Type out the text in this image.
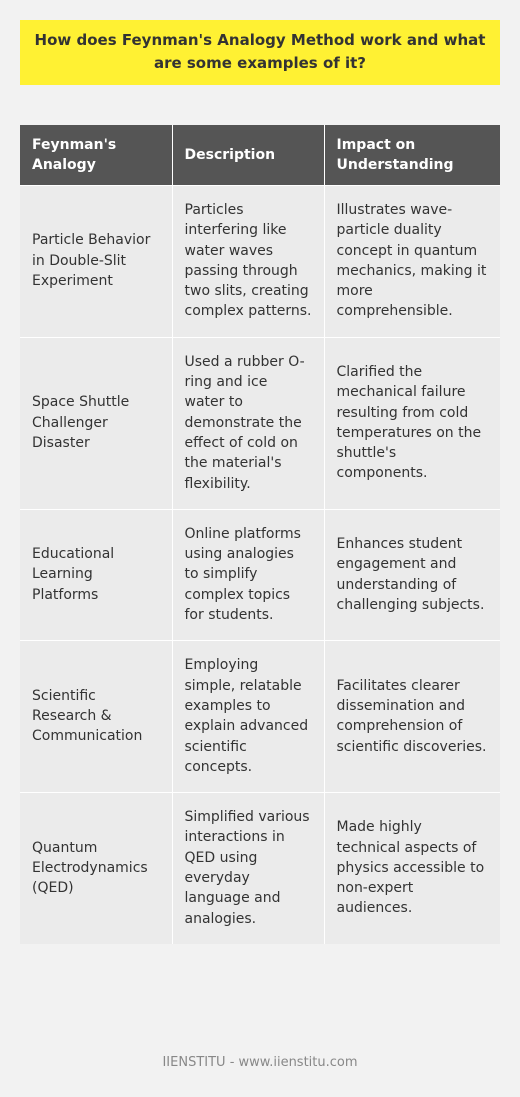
How does Feynman's Analogy Method work and what are some examples of it?
Feynman's Analogy	Description	Impact on Understanding
Particle Behavior in Double-Slit Experiment	Particles interfering like water waves passing through two slits, creating complex patterns.	Illustrates wave-particle duality concept in quantum mechanics, making it more comprehensible.
Space Shuttle Challenger Disaster	Used a rubber O-ring and ice water to demonstrate the effect of cold on the material's flexibility.	Clarified the mechanical failure resulting from cold temperatures on the shuttle's components.
Educational Learning Platforms	Online platforms using analogies to simplify complex topics for students.	Enhances student engagement and understanding of challenging subjects.
Scientific Research & Communication	Employing simple, relatable examples to explain advanced scientific concepts.	Facilitates clearer dissemination and comprehension of scientific discoveries.
Quantum Electrodynamics (QED)	Simplified various interactions in QED using everyday language and analogies.	Made highly technical aspects of physics accessible to non-expert audiences.
IIENSTITU - www.iienstitu.com
